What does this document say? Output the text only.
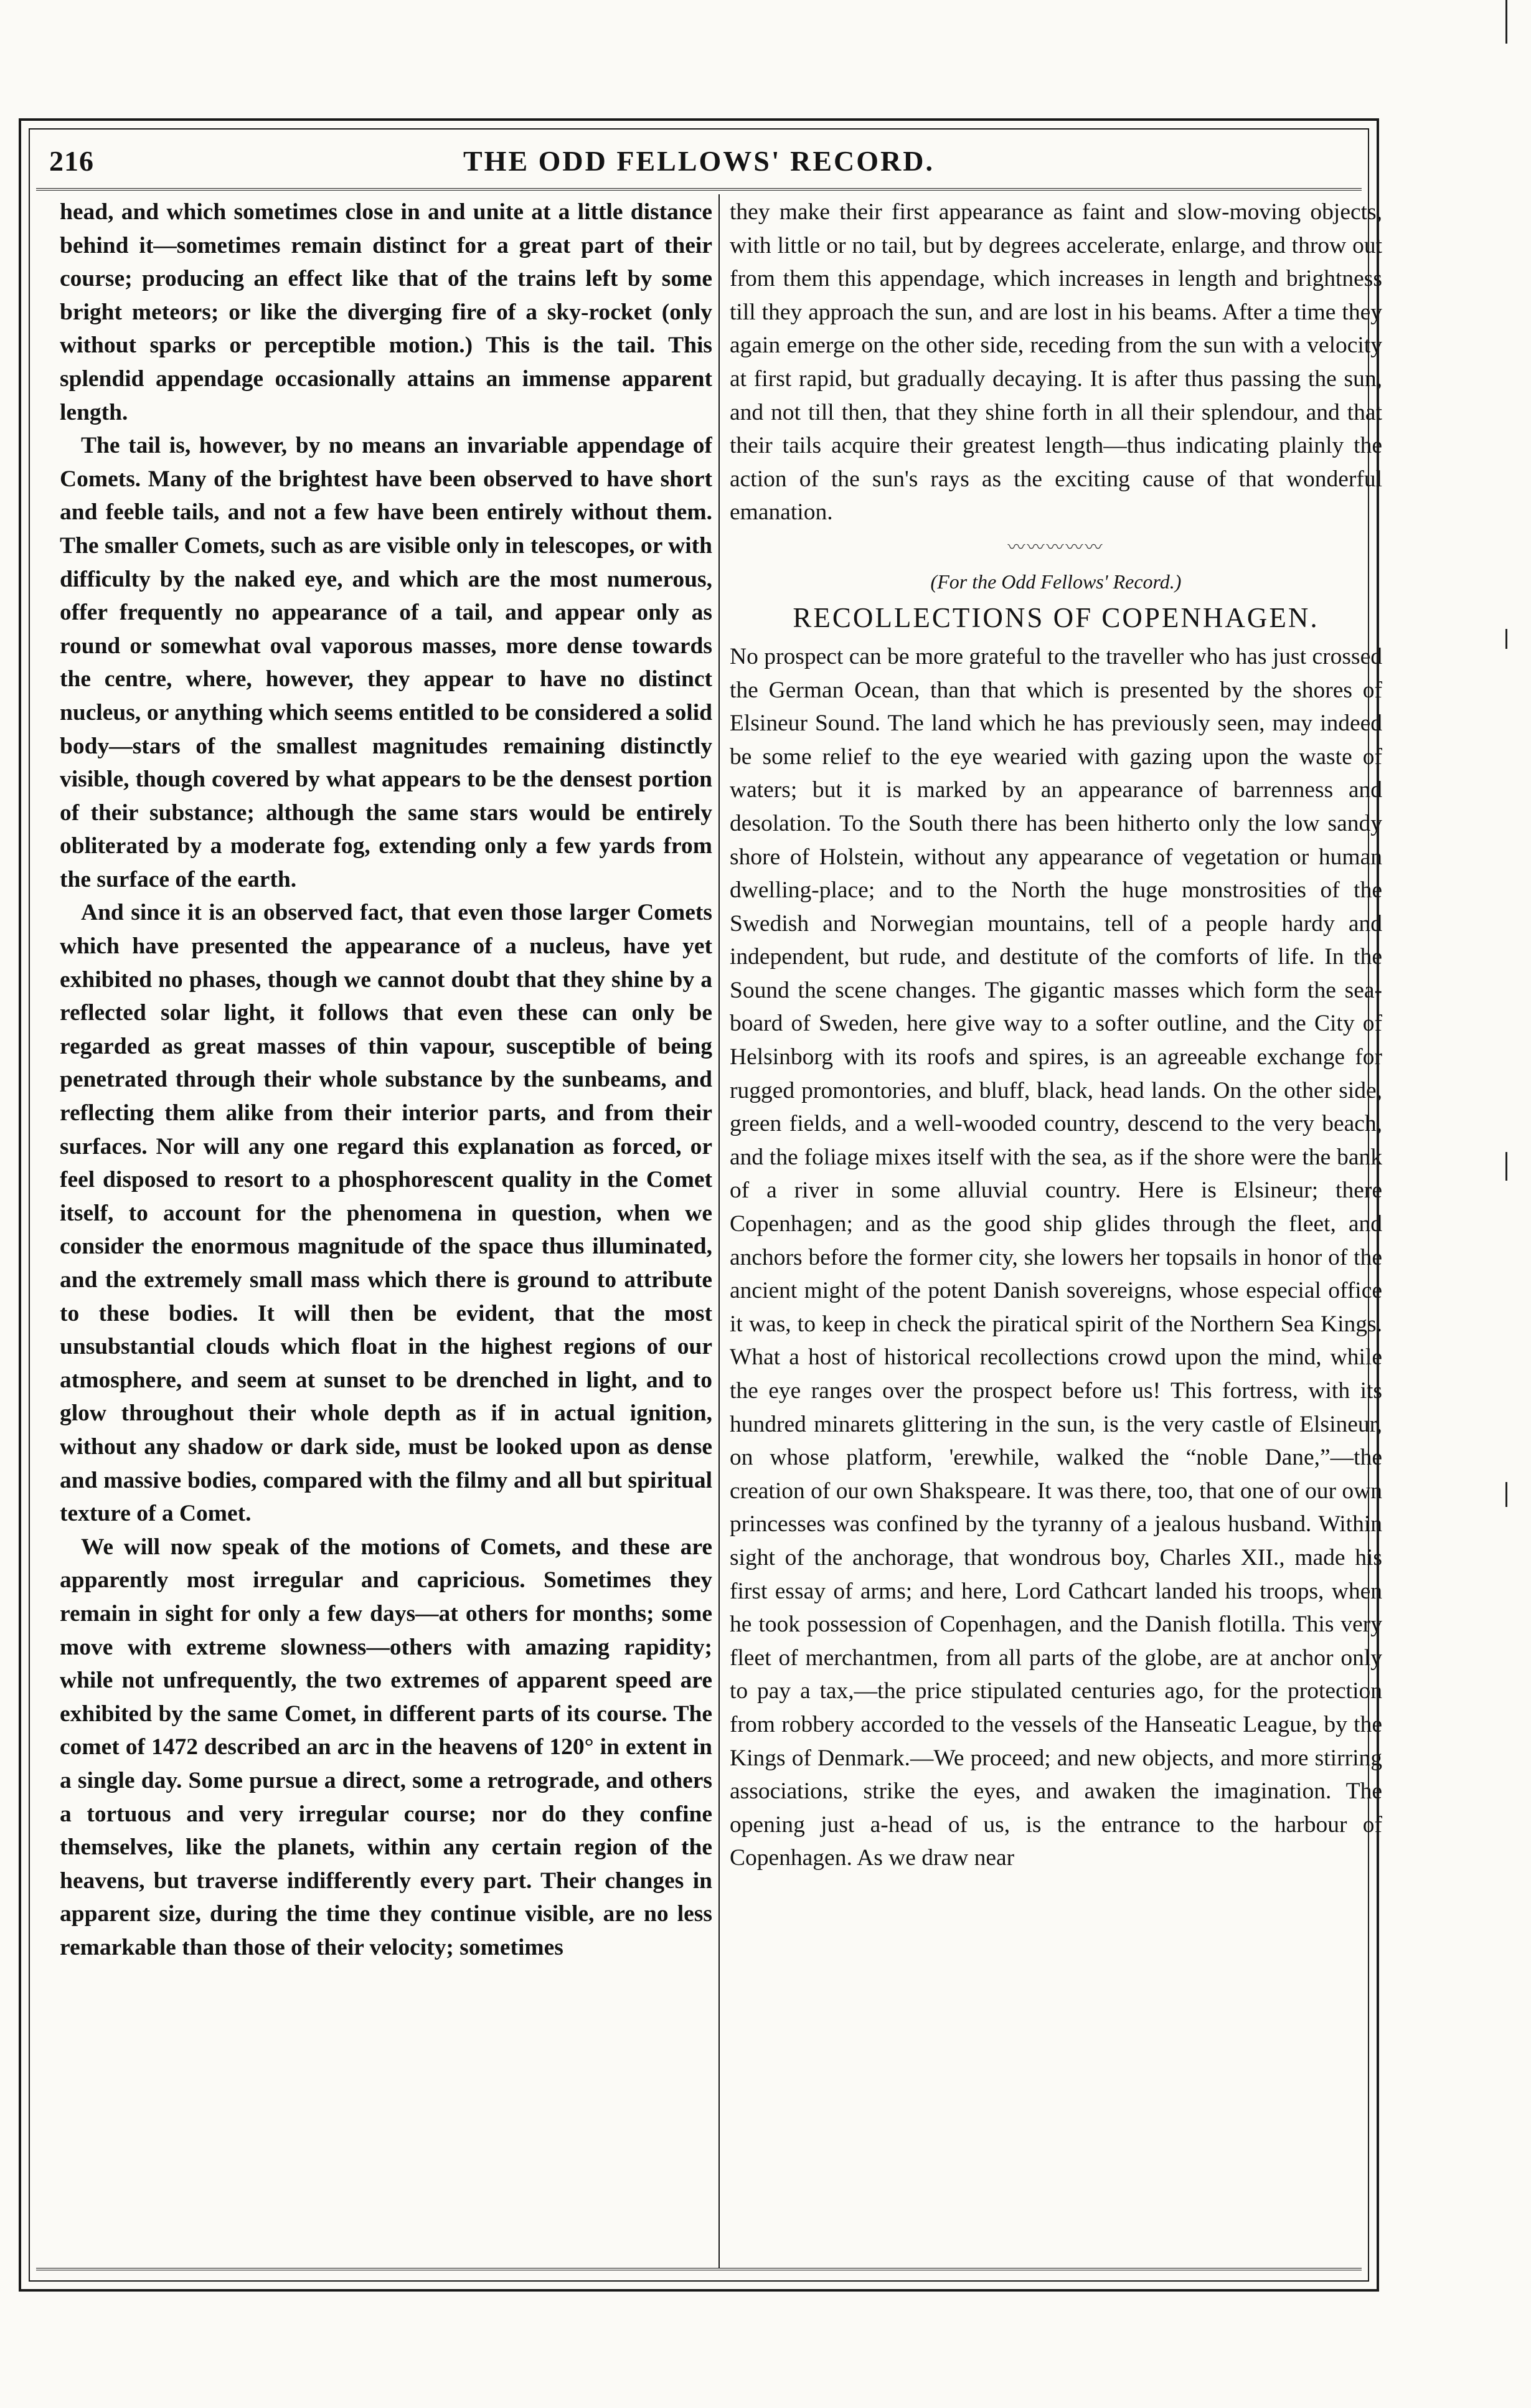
216	THE ODD FELLOWS' RECORD.

head, and which sometimes close in and unite at a little distance behind it—sometimes remain distinct for a great part of their course; producing an effect like that of the trains left by some bright meteors; or like the diverging fire of a sky-rocket (only without sparks or perceptible motion.) This is the tail. This splendid appendage occasionally attains an immense apparent length.

The tail is, however, by no means an invariable appendage of Comets. Many of the brightest have been observed to have short and feeble tails, and not a few have been entirely without them. The smaller Comets, such as are visible only in telescopes, or with difficulty by the naked eye, and which are the most numerous, offer frequently no appearance of a tail, and appear only as round or somewhat oval vaporous masses, more dense towards the centre, where, however, they appear to have no distinct nucleus, or anything which seems entitled to be considered a solid body—stars of the smallest magnitudes remaining distinctly visible, though covered by what appears to be the densest portion of their substance; although the same stars would be entirely obliterated by a moderate fog, extending only a few yards from the surface of the earth.

And since it is an observed fact, that even those larger Comets which have presented the appearance of a nucleus, have yet exhibited no phases, though we cannot doubt that they shine by a reflected solar light, it follows that even these can only be regarded as great masses of thin vapour, susceptible of being penetrated through their whole substance by the sunbeams, and reflecting them alike from their interior parts, and from their surfaces. Nor will any one regard this explanation as forced, or feel disposed to resort to a phosphorescent quality in the Comet itself, to account for the phenomena in question, when we consider the enormous magnitude of the space thus illuminated, and the extremely small mass which there is ground to attribute to these bodies. It will then be evident, that the most unsubstantial clouds which float in the highest regions of our atmosphere, and seem at sunset to be drenched in light, and to glow throughout their whole depth as if in actual ignition, without any shadow or dark side, must be looked upon as dense and massive bodies, compared with the filmy and all but spiritual texture of a Comet.

We will now speak of the motions of Comets, and these are apparently most irregular and capricious. Sometimes they remain in sight for only a few days—at others for months; some move with extreme slowness—others with amazing rapidity; while not unfrequently, the two extremes of apparent speed are exhibited by the same Comet, in different parts of its course. The comet of 1472 described an arc in the heavens of 120° in extent in a single day. Some pursue a direct, some a retrograde, and others a tortuous and very irregular course; nor do they confine themselves, like the planets, within any certain region of the heavens, but traverse indifferently every part. Their changes in apparent size, during the time they continue visible, are no less remarkable than those of their velocity; sometimes

they make their first appearance as faint and slow-moving objects, with little or no tail, but by degrees accelerate, enlarge, and throw out from them this appendage, which increases in length and brightness till they approach the sun, and are lost in his beams. After a time they again emerge on the other side, receding from the sun with a velocity at first rapid, but gradually decaying. It is after thus passing the sun, and not till then, that they shine forth in all their splendour, and that their tails acquire their greatest length—thus indicating plainly the action of the sun's rays as the exciting cause of that wonderful emanation.

〰〰〰〰〰

(For the Odd Fellows' Record.)

RECOLLECTIONS OF COPENHAGEN.

No prospect can be more grateful to the traveller who has just crossed the German Ocean, than that which is presented by the shores of Elsineur Sound. The land which he has previously seen, may indeed be some relief to the eye wearied with gazing upon the waste of waters; but it is marked by an appearance of barrenness and desolation. To the South there has been hitherto only the low sandy shore of Holstein, without any appearance of vegetation or human dwelling-place; and to the North the huge monstrosities of the Swedish and Norwegian mountains, tell of a people hardy and independent, but rude, and destitute of the comforts of life. In the Sound the scene changes. The gigantic masses which form the sea-board of Sweden, here give way to a softer outline, and the City of Helsinborg with its roofs and spires, is an agreeable exchange for rugged promontories, and bluff, black, head lands. On the other side, green fields, and a well-wooded country, descend to the very beach, and the foliage mixes itself with the sea, as if the shore were the bank of a river in some alluvial country. Here is Elsineur; there Copenhagen; and as the good ship glides through the fleet, and anchors before the former city, she lowers her topsails in honor of the ancient might of the potent Danish sovereigns, whose especial office it was, to keep in check the piratical spirit of the Northern Sea Kings. What a host of historical recollections crowd upon the mind, while the eye ranges over the prospect before us! This fortress, with its hundred minarets glittering in the sun, is the very castle of Elsineur, on whose platform, 'erewhile, walked the “noble Dane,”—the creation of our own Shakspeare. It was there, too, that one of our own princesses was confined by the tyranny of a jealous husband. Within sight of the anchorage, that wondrous boy, Charles XII., made his first essay of arms; and here, Lord Cathcart landed his troops, when he took possession of Copenhagen, and the Danish flotilla. This very fleet of merchantmen, from all parts of the globe, are at anchor only to pay a tax,—the price stipulated centuries ago, for the protection from robbery accorded to the vessels of the Hanseatic League, by the Kings of Denmark.—We proceed; and new objects, and more stirring associations, strike the eyes, and awaken the imagination. The opening just a-head of us, is the entrance to the harbour of Copenhagen. As we draw near
